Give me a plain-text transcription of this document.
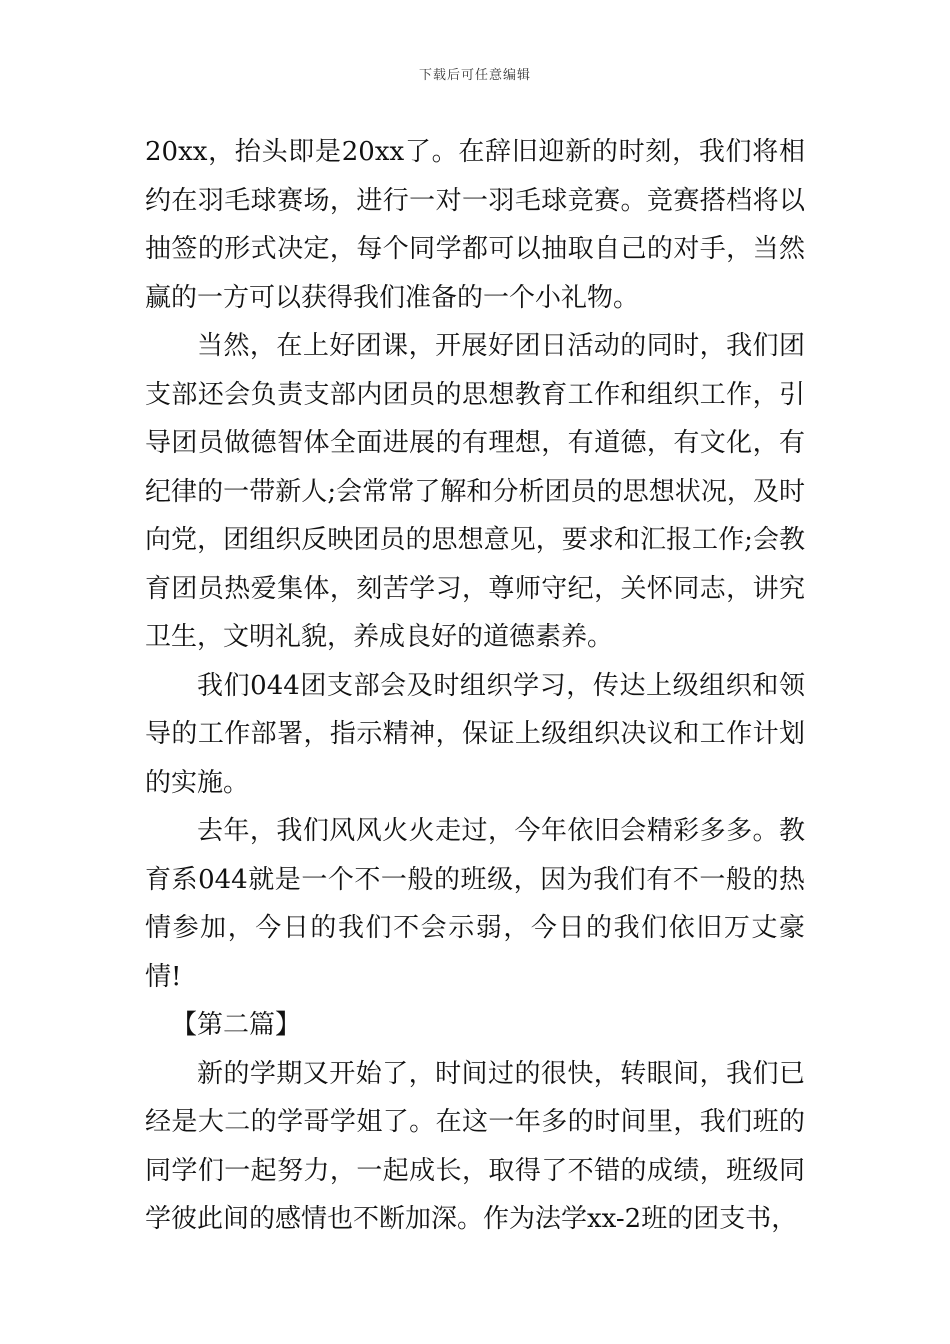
下载后可任意编辑

20xx，抬头即是20xx了。在辞旧迎新的时刻，我们将相约在羽毛球赛场，进行一对一羽毛球竞赛。竞赛搭档将以抽签的形式决定，每个同学都可以抽取自己的对手，当然赢的一方可以获得我们准备的一个小礼物。

当然，在上好团课，开展好团日活动的同时，我们团支部还会负责支部内团员的思想教育工作和组织工作，引导团员做德智体全面进展的有理想，有道德，有文化，有纪律的一带新人;会常常了解和分析团员的思想状况，及时向党，团组织反映团员的思想意见，要求和汇报工作;会教育团员热爱集体，刻苦学习，尊师守纪，关怀同志，讲究卫生，文明礼貌，养成良好的道德素养。

我们044团支部会及时组织学习，传达上级组织和领导的工作部署，指示精神，保证上级组织决议和工作计划的实施。

去年，我们风风火火走过，今年依旧会精彩多多。教育系044就是一个不一般的班级，因为我们有不一般的热情参加，今日的我们不会示弱，今日的我们依旧万丈豪情!

【第二篇】

新的学期又开始了，时间过的很快，转眼间，我们已经是大二的学哥学姐了。在这一年多的时间里，我们班的同学们一起努力，一起成长，取得了不错的成绩，班级同学彼此间的感情也不断加深。作为法学xx-2班的团支书，
